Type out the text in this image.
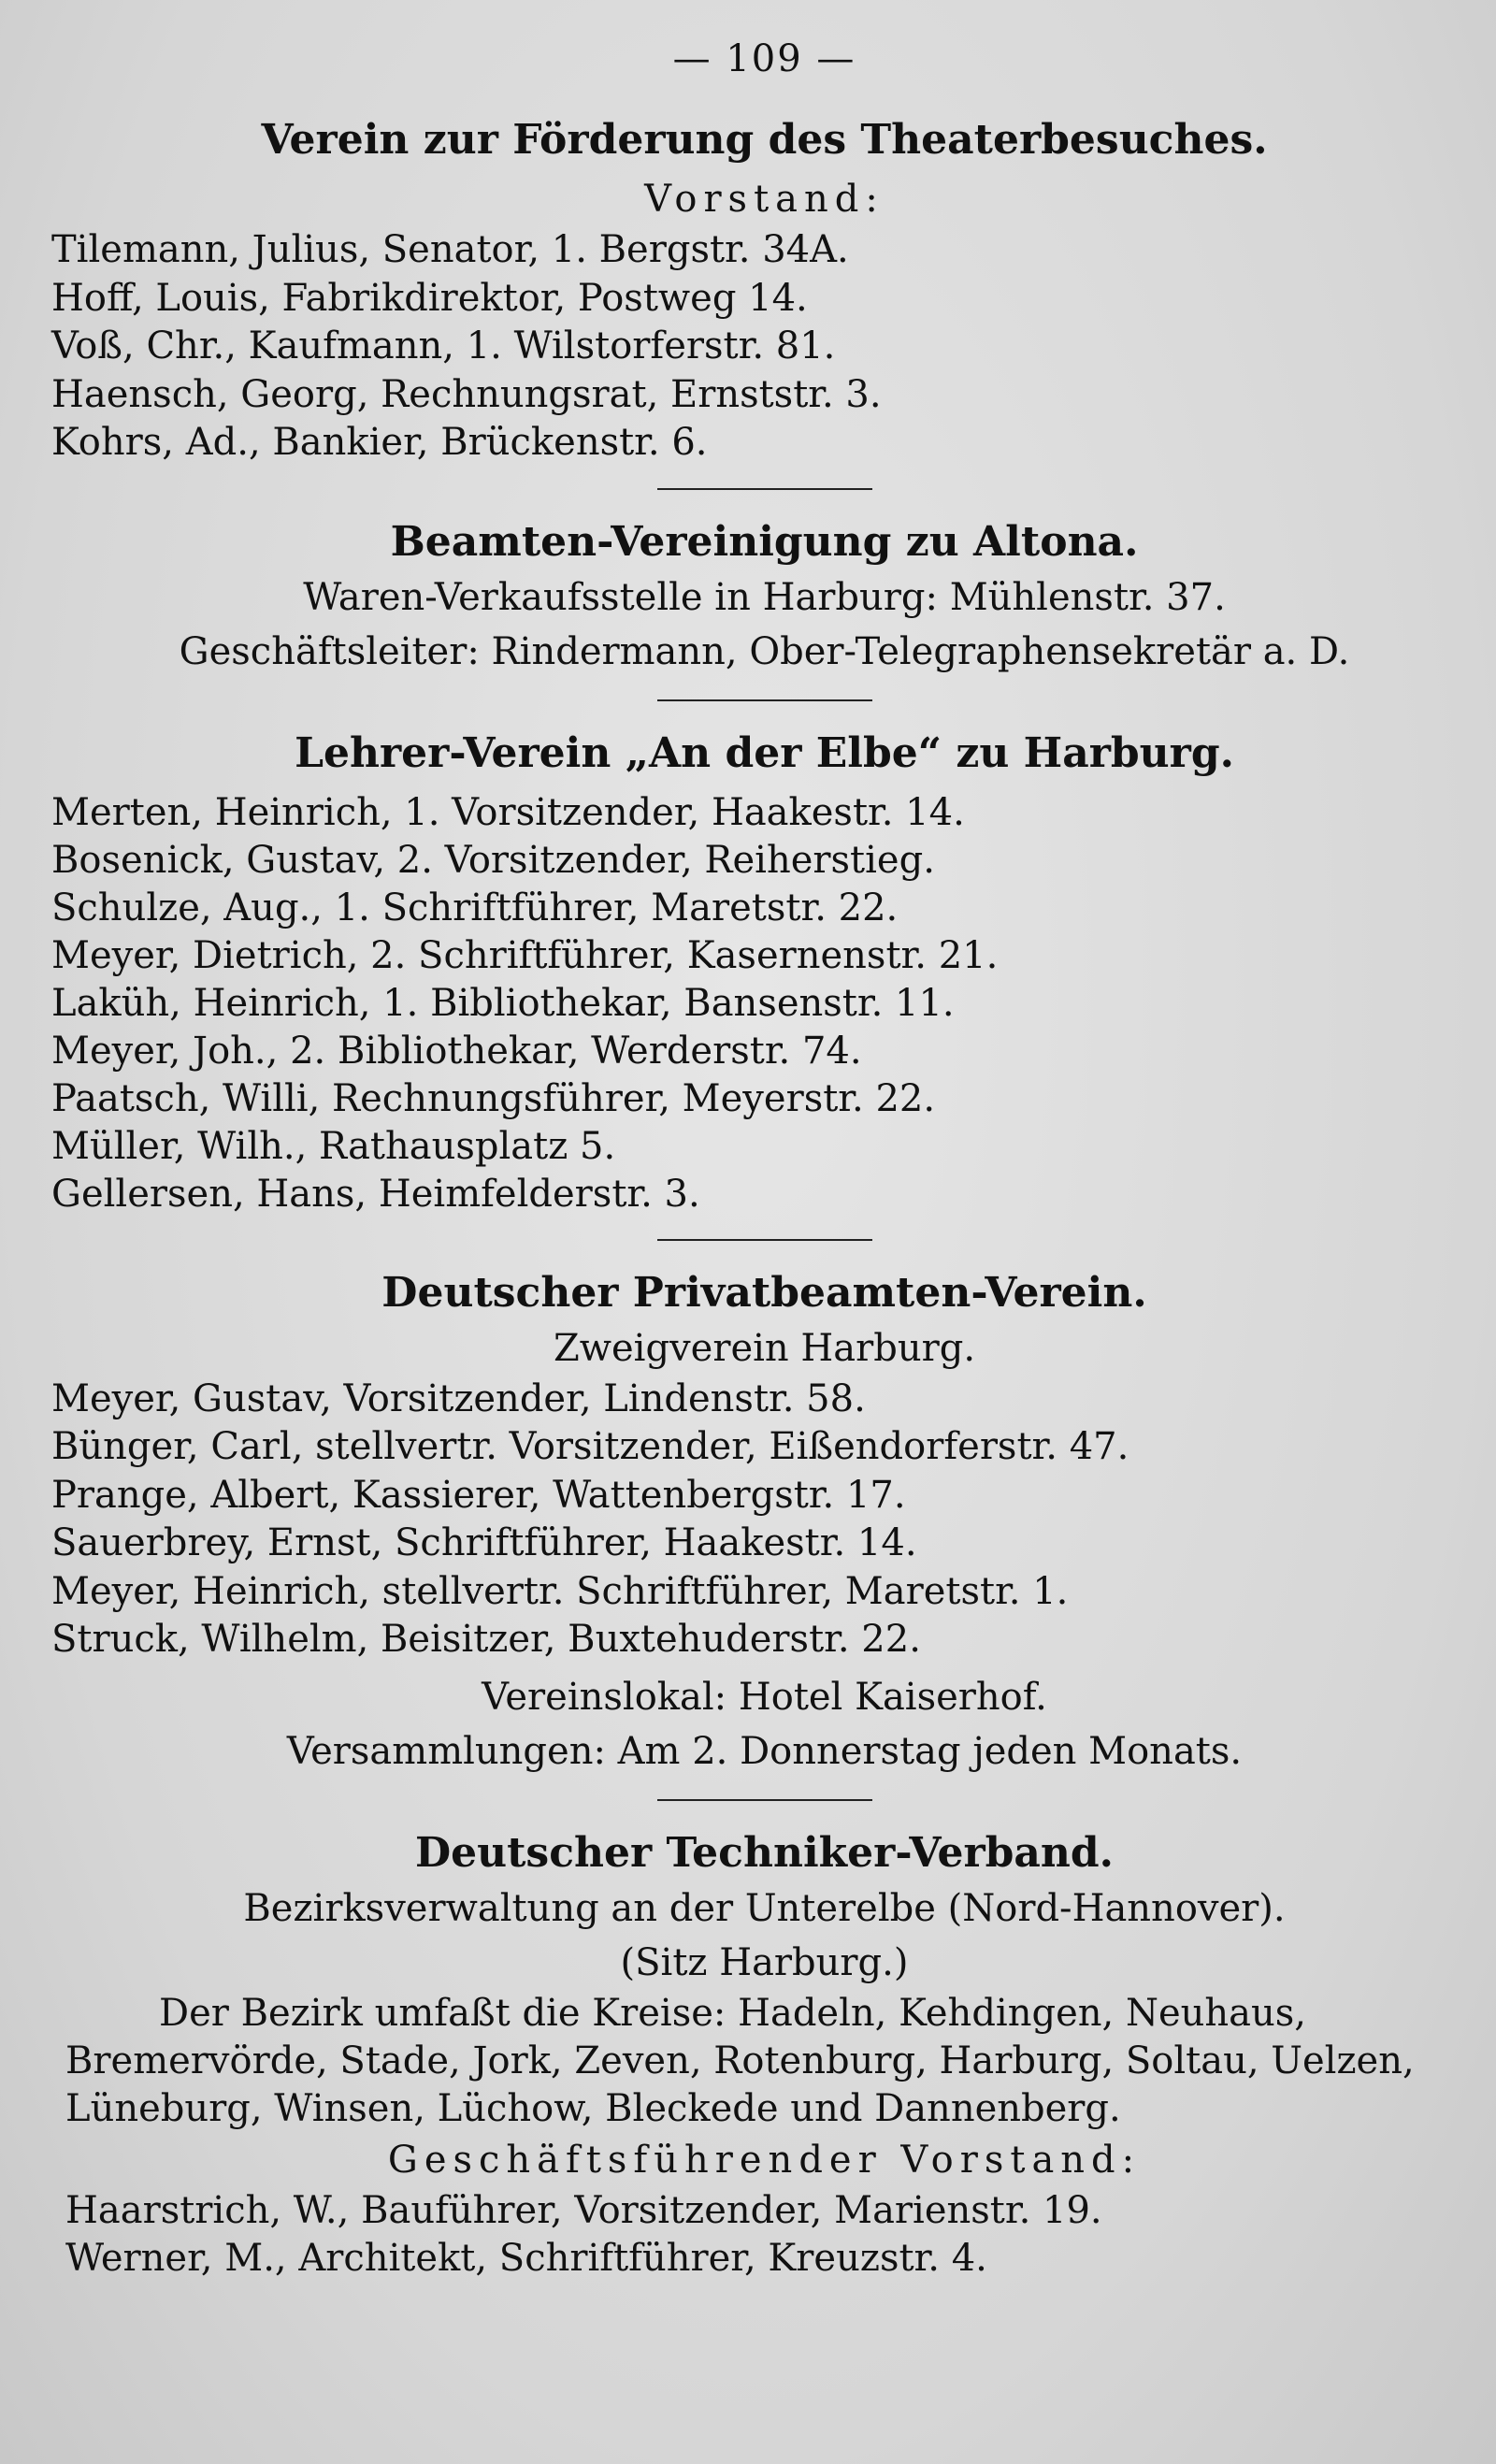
— 109 —
Verein zur Förderung des Theaterbesuches.
Vorstand:
Tilemann, Julius, Senator, 1. Bergstr. 34A.
Hoff, Louis, Fabrikdirektor, Postweg 14.
Voß, Chr., Kaufmann, 1. Wilstorferstr. 81.
Haensch, Georg, Rechnungsrat, Ernststr. 3.
Kohrs, Ad., Bankier, Brückenstr. 6.
Beamten-Vereinigung zu Altona.
Waren-Verkaufsstelle in Harburg: Mühlenstr. 37.
Geschäftsleiter: Rindermann, Ober-Telegraphensekretär a. D.
Lehrer-Verein „An der Elbe“ zu Harburg.
Merten, Heinrich, 1. Vorsitzender, Haakestr. 14.
Bosenick, Gustav, 2. Vorsitzender, Reiherstieg.
Schulze, Aug., 1. Schriftführer, Maretstr. 22.
Meyer, Dietrich, 2. Schriftführer, Kasernenstr. 21.
Laküh, Heinrich, 1. Bibliothekar, Bansenstr. 11.
Meyer, Joh., 2. Bibliothekar, Werderstr. 74.
Paatsch, Willi, Rechnungsführer, Meyerstr. 22.
Müller, Wilh., Rathausplatz 5.
Gellersen, Hans, Heimfelderstr. 3.
Deutscher Privatbeamten-Verein.
Zweigverein Harburg.
Meyer, Gustav, Vorsitzender, Lindenstr. 58.
Bünger, Carl, stellvertr. Vorsitzender, Eißendorferstr. 47.
Prange, Albert, Kassierer, Wattenbergstr. 17.
Sauerbrey, Ernst, Schriftführer, Haakestr. 14.
Meyer, Heinrich, stellvertr. Schriftführer, Maretstr. 1.
Struck, Wilhelm, Beisitzer, Buxtehuderstr. 22.
Vereinslokal: Hotel Kaiserhof.
Versammlungen: Am 2. Donnerstag jeden Monats.
Deutscher Techniker-Verband.
Bezirksverwaltung an der Unterelbe (Nord-Hannover).
(Sitz Harburg.)
Der Bezirk umfaßt die Kreise: Hadeln, Kehdingen, Neuhaus,
Bremervörde, Stade, Jork, Zeven, Rotenburg, Harburg, Soltau, Uelzen,
Lüneburg, Winsen, Lüchow, Bleckede und Dannenberg.
Geschäftsführender Vorstand:
Haarstrich, W., Bauführer, Vorsitzender, Marienstr. 19.
Werner, M., Architekt, Schriftführer, Kreuzstr. 4.
